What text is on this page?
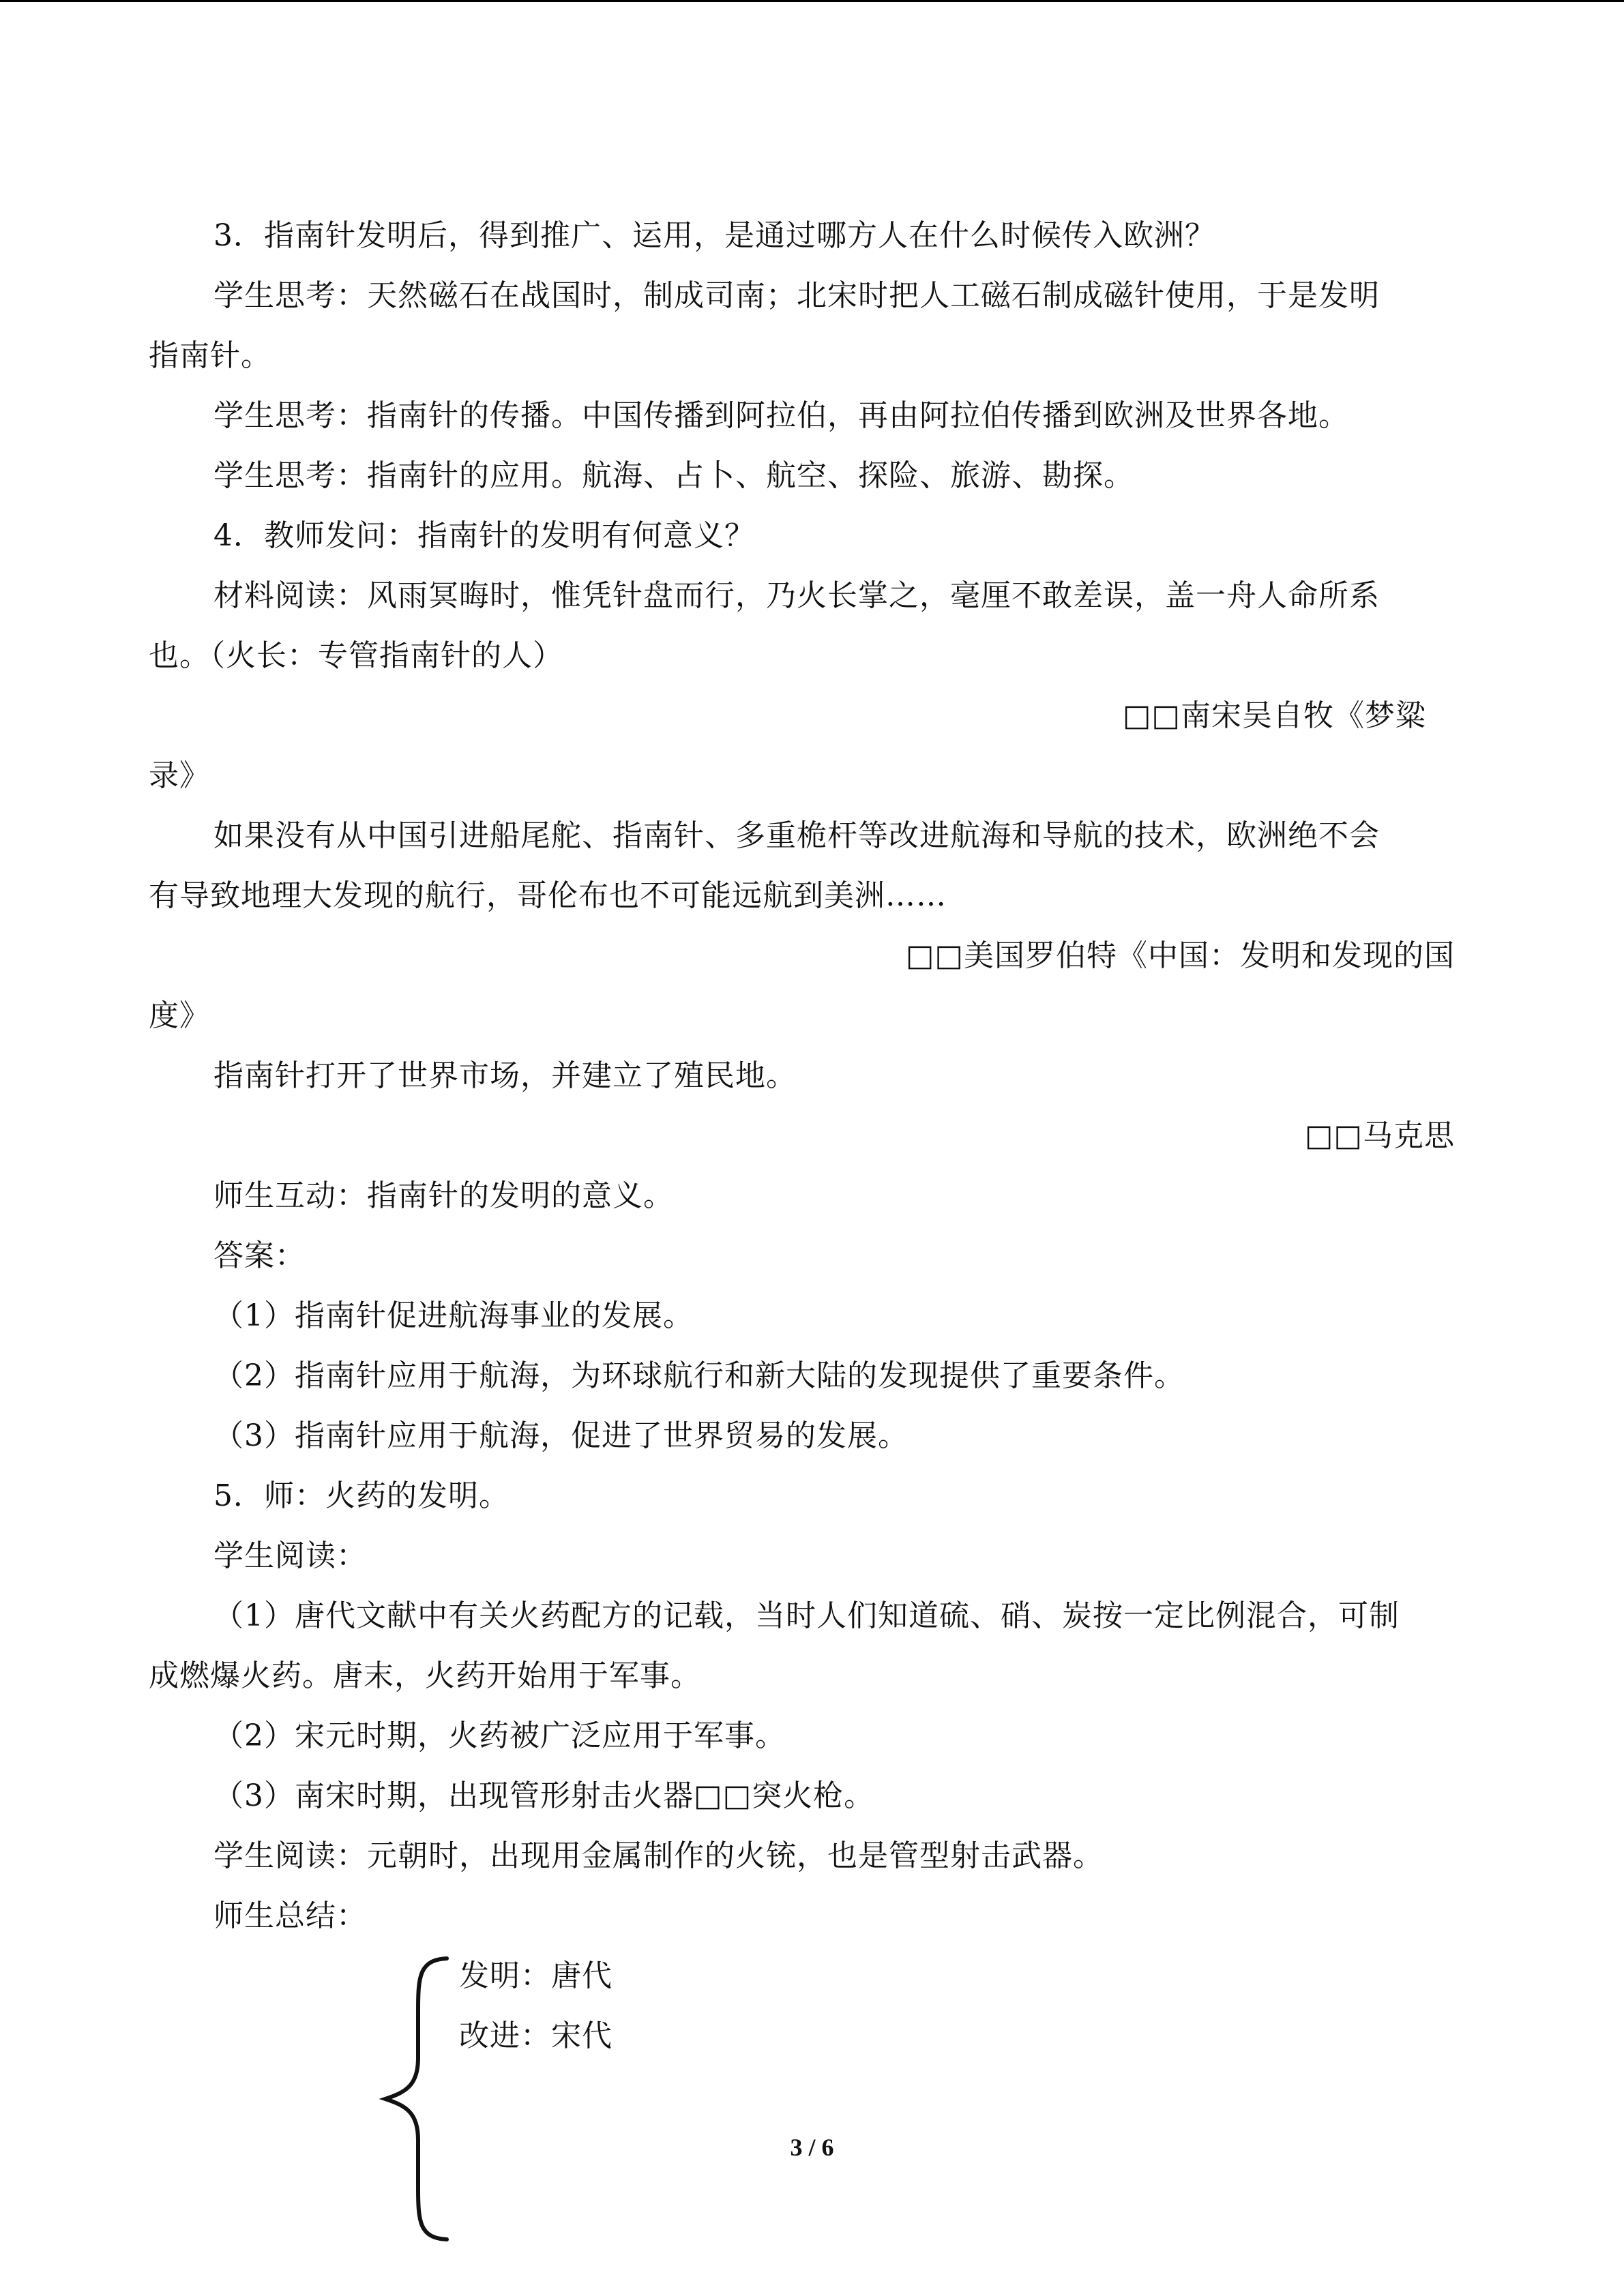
3．指南针发明后，得到推广、运用，是通过哪方人在什么时候传入欧洲？
学生思考：天然磁石在战国时，制成司南；北宋时把人工磁石制成磁针使用，于是发明
指南针。
学生思考：指南针的传播。中国传播到阿拉伯，再由阿拉伯传播到欧洲及世界各地。
学生思考：指南针的应用。航海、占卜、航空、探险、旅游、勘探。
4．教师发问：指南针的发明有何意义？
材料阅读：风雨冥晦时，惟凭针盘而行，乃火长掌之，毫厘不敢差误，盖一舟人命所系
也。（火长：专管指南针的人）
□□南宋吴自牧《梦粱
录》
如果没有从中国引进船尾舵、指南针、多重桅杆等改进航海和导航的技术，欧洲绝不会
有导致地理大发现的航行，哥伦布也不可能远航到美洲……
□□美国罗伯特《中国：发明和发现的国
度》
指南针打开了世界市场，并建立了殖民地。
□□马克思
师生互动：指南针的发明的意义。
答案：
（1）指南针促进航海事业的发展。
（2）指南针应用于航海，为环球航行和新大陆的发现提供了重要条件。
（3）指南针应用于航海，促进了世界贸易的发展。
5．师：火药的发明。
学生阅读：
（1）唐代文献中有关火药配方的记载，当时人们知道硫、硝、炭按一定比例混合，可制
成燃爆火药。唐末，火药开始用于军事。
（2）宋元时期，火药被广泛应用于军事。
（3）南宋时期，出现管形射击火器□□突火枪。
学生阅读：元朝时，出现用金属制作的火铳，也是管型射击武器。
师生总结：
发明：唐代
改进：宋代
3 / 6
